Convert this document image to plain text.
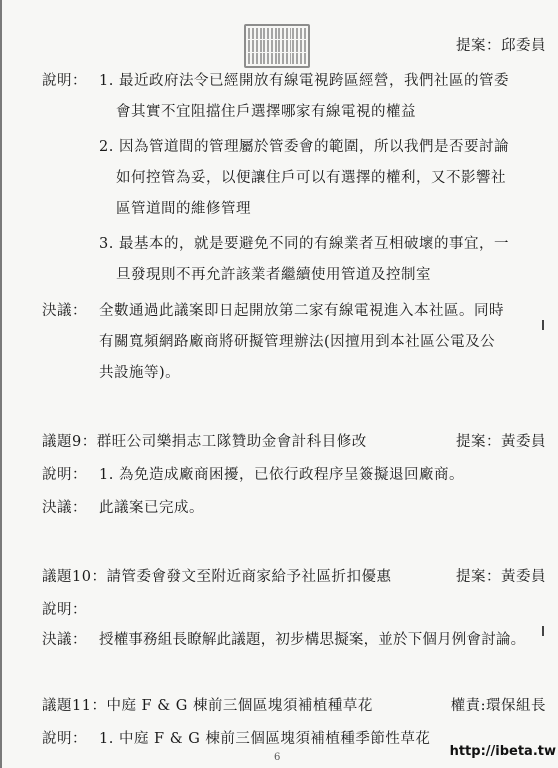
提案：邱委員
說明： 1. 最近政府法令已經開放有線電視跨區經營，我們社區的管委
會其實不宜阻擋住戶選擇哪家有線電視的權益
2. 因為管道間的管理屬於管委會的範圍，所以我們是否要討論
如何控管為妥，以便讓住戶可以有選擇的權利，又不影響社
區管道間的維修管理
3. 最基本的，就是要避免不同的有線業者互相破壞的事宜，一
旦發現則不再允許該業者繼續使用管道及控制室
決議： 全數通過此議案即日起開放第二家有線電視進入本社區。同時
有關寬頻網路廠商將研擬管理辦法(因擅用到本社區公電及公
共設施等)。
議題9：群旺公司樂捐志工隊贊助金會計科目修改	提案：黃委員
說明： 1. 為免造成廠商困擾，已依行政程序呈簽擬退回廠商。
決議： 此議案已完成。
議題10：請管委會發文至附近商家給予社區折扣優惠	提案：黃委員
說明：
決議： 授權事務組長瞭解此議題，初步構思擬案，並於下個月例會討論。
議題11：中庭 F & G 棟前三個區塊須補植種草花	權責:環保組長
說明： 1. 中庭 F & G 棟前三個區塊須補植種季節性草花
6	http://ibeta.tw
